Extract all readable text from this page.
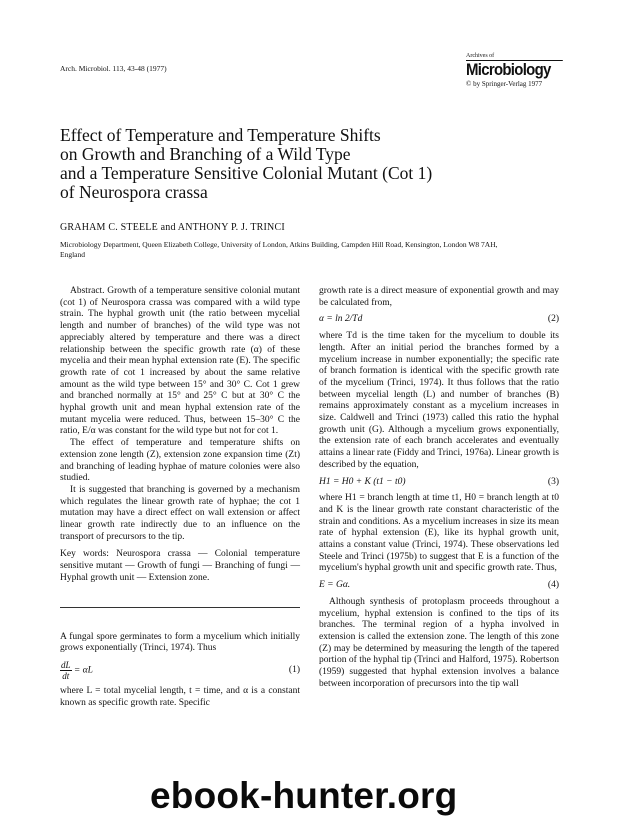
Arch. Microbiol. 113, 43-48 (1977)
Archives of
Microbiology
© by Springer-Verlag 1977
Effect of Temperature and Temperature Shifts
on Growth and Branching of a Wild Type
and a Temperature Sensitive Colonial Mutant (Cot 1)
of Neurospora crassa
GRAHAM C. STEELE and ANTHONY P. J. TRINCI
Microbiology Department, Queen Elizabeth College, University of London, Atkins Building, Campden Hill Road, Kensington, London W8 7AH, England

Abstract. Growth of a temperature sensitive colonial mutant (cot 1) of Neurospora crassa was compared with a wild type strain. The hyphal growth unit (the ratio between mycelial length and number of branches) of the wild type was not appreciably altered by temperature and there was a direct relationship between the specific growth rate (α) of these mycelia and their mean hyphal extension rate (E). The specific growth rate of cot 1 increased by about the same relative amount as the wild type between 15° and 30° C. Cot 1 grew and branched normally at 15° and 25° C but at 30° C the hyphal growth unit and mean hyphal extension rate of the mutant mycelia were reduced. Thus, between 15–30° C the ratio, E/α was constant for the wild type but not for cot 1.

The effect of temperature and temperature shifts on extension zone length (Z), extension zone expansion time (Zt) and branching of leading hyphae of mature colonies were also studied.

It is suggested that branching is governed by a mechanism which regulates the linear growth rate of hyphae; the cot 1 mutation may have a direct effect on wall extension or affect linear growth rate indirectly due to an influence on the transport of precursors to the tip.

Key words: Neurospora crassa — Colonial temperature sensitive mutant — Growth of fungi — Branching of fungi — Hyphal growth unit — Extension zone.

A fungal spore germinates to form a mycelium which initially grows exponentially (Trinci, 1974). Thus

$\frac{dL}{dt} = \alpha L$	(1)

where L = total mycelial length, t = time, and α is a constant known as specific growth rate. Specific

growth rate is a direct measure of exponential growth and may be calculated from,

α = ln 2/Td	(2)

where Td is the time taken for the mycelium to double its length. After an initial period the branches formed by a mycelium increase in number exponentially; the specific rate of branch formation is identical with the specific growth rate of the mycelium (Trinci, 1974). It thus follows that the ratio between mycelial length (L) and number of branches (B) remains approximately constant as a mycelium increases in size. Caldwell and Trinci (1973) called this ratio the hyphal growth unit (G). Although a mycelium grows exponentially, the extension rate of each branch accelerates and eventually attains a linear rate (Fiddy and Trinci, 1976a). Linear growth is described by the equation,

H1 = H0 + K (t1 − t0)	(3)

where H1 = branch length at time t1, H0 = branch length at t0 and K is the linear growth rate constant characteristic of the strain and conditions. As a mycelium increases in size its mean rate of hyphal extension (E), like its hyphal growth unit, attains a constant value (Trinci, 1974). These observations led Steele and Trinci (1975b) to suggest that E is a function of the mycelium's hyphal growth unit and specific growth rate. Thus,

E = Gα.	(4)

Although synthesis of protoplasm proceeds throughout a mycelium, hyphal extension is confined to the tips of its branches. The terminal region of a hypha involved in extension is called the extension zone. The length of this zone (Z) may be determined by measuring the length of the tapered portion of the hyphal tip (Trinci and Halford, 1975). Robertson (1959) suggested that hyphal extension involves a balance between incorporation of precursors into the tip wall

ebook-hunter.org
